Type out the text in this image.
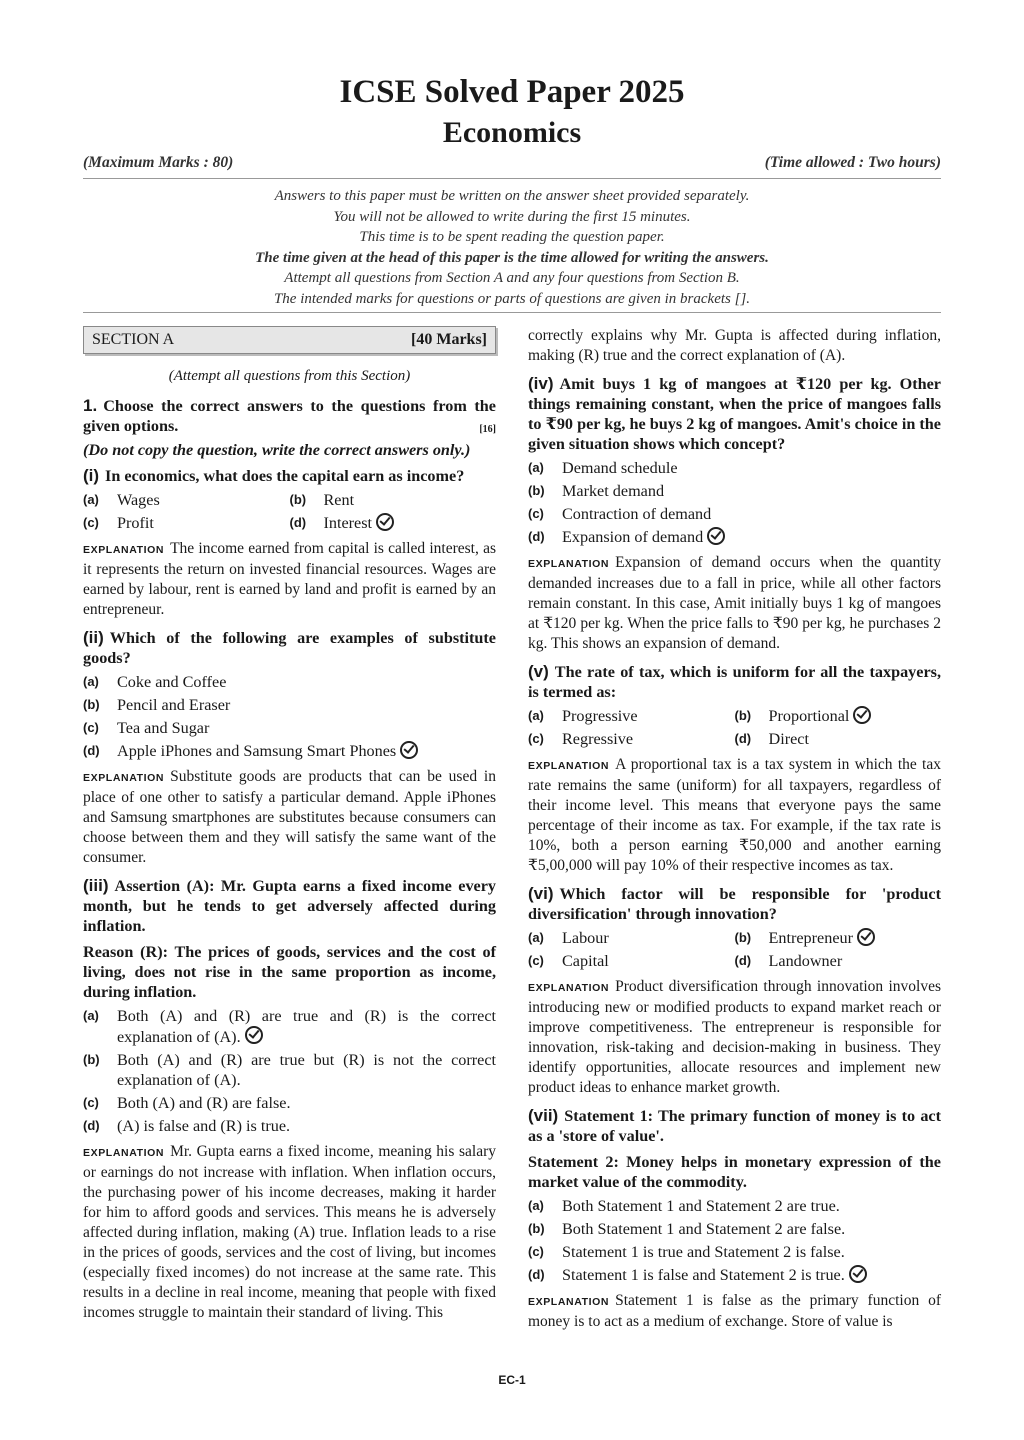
ICSE Solved Paper 2025
Economics
(Maximum Marks : 80)	(Time allowed : Two hours)
Answers to this paper must be written on the answer sheet provided separately.
You will not be allowed to write during the first 15 minutes.
This time is to be spent reading the question paper.
The time given at the head of this paper is the time allowed for writing the answers.
Attempt all questions from Section A and any four questions from Section B.
The intended marks for questions or parts of questions are given in brackets [].
SECTION A	[40 Marks]
(Attempt all questions from this Section)
1. Choose the correct answers to the questions from the given options.	[16]
(Do not copy the question, write the correct answers only.)
(i) In economics, what does the capital earn as income?
(a)	Wages	(b)	Rent
(c)	Profit	(d)	Interest
EXPLANATION The income earned from capital is called interest, as it represents the return on invested financial resources. Wages are earned by labour, rent is earned by land and profit is earned by an entrepreneur.
(ii) Which of the following are examples of substitute goods?
(a)	Coke and Coffee
(b)	Pencil and Eraser
(c)	Tea and Sugar
(d)	Apple iPhones and Samsung Smart Phones
EXPLANATION Substitute goods are products that can be used in place of one other to satisfy a particular demand. Apple iPhones and Samsung smartphones are substitutes because consumers can choose between them and they will satisfy the same want of the consumer.
(iii) Assertion (A): Mr. Gupta earns a fixed income every month, but he tends to get adversely affected during inflation.
Reason (R): The prices of goods, services and the cost of living, does not rise in the same proportion as income, during inflation.
(a)	Both (A) and (R) are true and (R) is the correct explanation of (A).
(b)	Both (A) and (R) are true but (R) is not the correct explanation of (A).
(c)	Both (A) and (R) are false.
(d)	(A) is false and (R) is true.
EXPLANATION Mr. Gupta earns a fixed income, meaning his salary or earnings do not increase with inflation. When inflation occurs, the purchasing power of his income decreases, making it harder for him to afford goods and services. This means he is adversely affected during inflation, making (A) true. Inflation leads to a rise in the prices of goods, services and the cost of living, but incomes (especially fixed incomes) do not increase at the same rate. This results in a decline in real income, meaning that people with fixed incomes struggle to maintain their standard of living. This
correctly explains why Mr. Gupta is affected during inflation, making (R) true and the correct explanation of (A).
(iv) Amit buys 1 kg of mangoes at ₹120 per kg. Other things remaining constant, when the price of mangoes falls to ₹90 per kg, he buys 2 kg of mangoes. Amit's choice in the given situation shows which concept?
(a)	Demand schedule
(b)	Market demand
(c)	Contraction of demand
(d)	Expansion of demand
EXPLANATION Expansion of demand occurs when the quantity demanded increases due to a fall in price, while all other factors remain constant. In this case, Amit initially buys 1 kg of mangoes at ₹120 per kg. When the price falls to ₹90 per kg, he purchases 2 kg. This shows an expansion of demand.
(v) The rate of tax, which is uniform for all the taxpayers, is termed as:
(a)	Progressive	(b)	Proportional
(c)	Regressive	(d)	Direct
EXPLANATION A proportional tax is a tax system in which the tax rate remains the same (uniform) for all taxpayers, regardless of their income level. This means that everyone pays the same percentage of their income as tax. For example, if the tax rate is 10%, both a person earning ₹50,000 and another earning ₹5,00,000 will pay 10% of their respective incomes as tax.
(vi) Which factor will be responsible for 'product diversification' through innovation?
(a)	Labour	(b)	Entrepreneur
(c)	Capital	(d)	Landowner
EXPLANATION Product diversification through innovation involves introducing new or modified products to expand market reach or improve competitiveness. The entrepreneur is responsible for innovation, risk-taking and decision-making in business. They identify opportunities, allocate resources and implement new product ideas to enhance market growth.
(vii) Statement 1: The primary function of money is to act as a 'store of value'.
Statement 2: Money helps in monetary expression of the market value of the commodity.
(a)	Both Statement 1 and Statement 2 are true.
(b)	Both Statement 1 and Statement 2 are false.
(c)	Statement 1 is true and Statement 2 is false.
(d)	Statement 1 is false and Statement 2 is true.
EXPLANATION Statement 1 is false as the primary function of money is to act as a medium of exchange. Store of value is
EC-1
